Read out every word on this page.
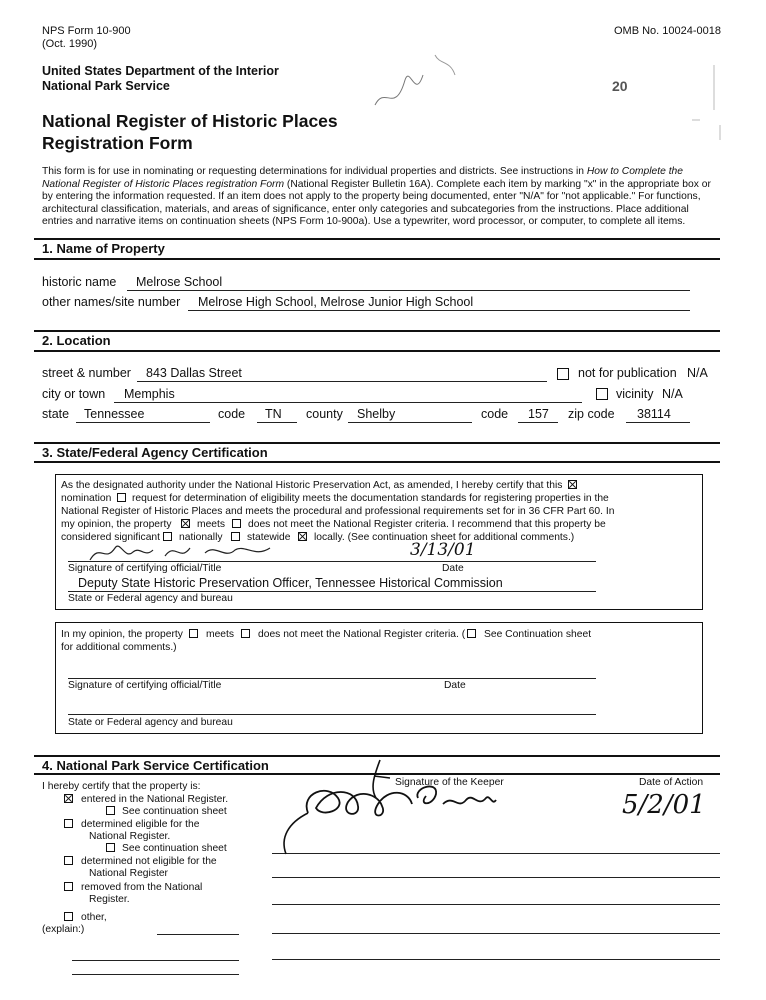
NPS Form 10-900
(Oct. 1990)
OMB No. 10024-0018
United States Department of the Interior
National Park Service
National Register of Historic Places
Registration Form
20
This form is for use in nominating or requesting determinations for individual properties and districts. See instructions in How to Complete the National Register of Historic Places registration Form (National Register Bulletin 16A). Complete each item by marking "x" in the appropriate box or by entering the information requested. If an item does not apply to the property being documented, enter "N/A" for "not applicable." For functions, architectural classification, materials, and areas of significance, enter only categories and subcategories from the instructions. Place additional entries and narrative items on continuation sheets (NPS Form 10-900a). Use a typewriter, word processor, or computer, to complete all items.
1. Name of Property
historic name Melrose School
other names/site number Melrose High School, Melrose Junior High School
2. Location
street & number 843 Dallas Street	not for publication N/A
city or town Memphis	vicinity N/A
state Tennessee	code TN county Shelby	code 157 zip code 38114
3. State/Federal Agency Certification
As the designated authority under the National Historic Preservation Act, as amended, I hereby certify that this
nomination request for determination of eligibility meets the documentation standards for registering properties in the
National Register of Historic Places and meets the procedural and professional requirements set for in 36 CFR Part 60. In
my opinion, the property meets does not meet the National Register criteria. I recommend that this property be
considered significant nationally statewide locally. (See continuation sheet for additional comments.)
3/13/01
Signature of certifying official/Title	Date
Deputy State Historic Preservation Officer, Tennessee Historical Commission
State or Federal agency and bureau
In my opinion, the property meets does not meet the National Register criteria. ( See Continuation sheet
for additional comments.)
Signature of certifying official/Title	Date
State or Federal agency and bureau
4. National Park Service Certification
I hereby certify that the property is:	Signature of the Keeper	Date of Action
entered in the National Register.
See continuation sheet
determined eligible for the
National Register.
See continuation sheet
determined not eligible for the
National Register
removed from the National
Register.
other,
(explain:)
5/2/01
